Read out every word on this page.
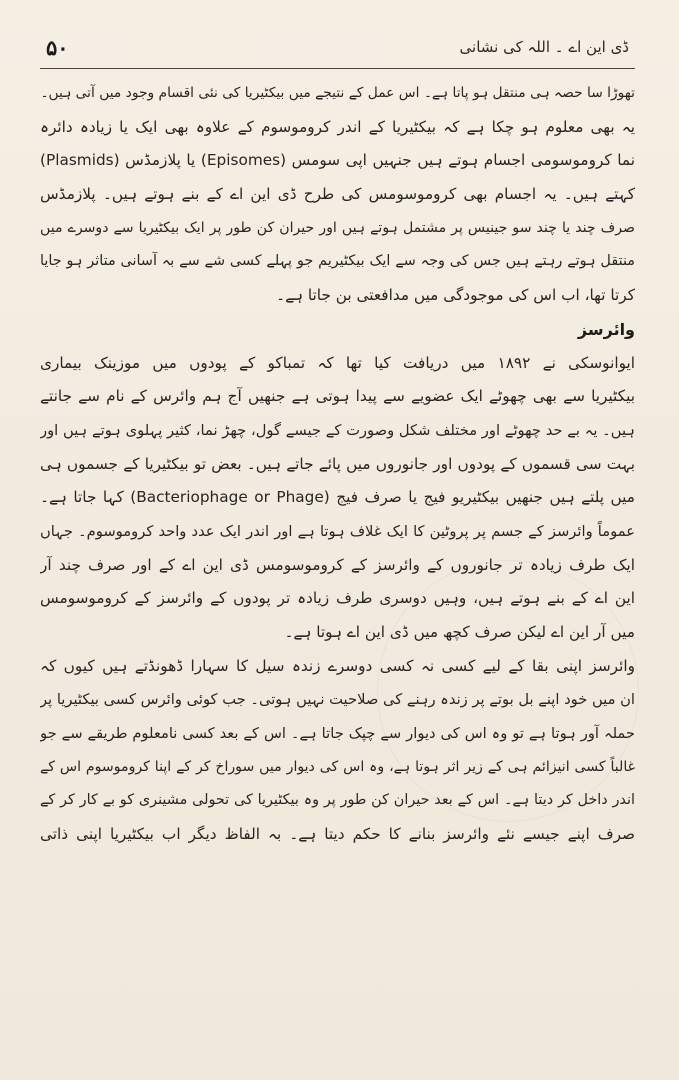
۵۰	ڈی این اے ۔ اللہ کی نشانی
تھوڑا سا حصہ ہی منتقل ہو پاتا ہے۔ اس عمل کے نتیجے میں بیکٹیریا کی نئی اقسام وجود میں آتی ہیں۔
یہ بھی معلوم ہو چکا ہے کہ بیکٹیریا کے اندر کروموسوم کے علاوہ بھی ایک یا زیادہ دائرہ
نما کروموسومی اجسام ہوتے ہیں جنہیں اپی سومس (Episomes) یا پلازمڈس (Plasmids)
کہتے ہیں۔ یہ اجسام بھی کروموسومس کی طرح ڈی این اے کے بنے ہوتے ہیں۔ پلازمڈس
صرف چند یا چند سو جینیس پر مشتمل ہوتے ہیں اور حیران کن طور پر ایک بیکٹیریا سے دوسرے میں
منتقل ہوتے رہتے ہیں جس کی وجہ سے ایک بیکٹیریم جو پہلے کسی شے سے بہ آسانی متاثر ہو جایا
کرتا تھا، اب اس کی موجودگی میں مدافعتی بن جاتا ہے۔
وائرسز
ایوانوسکی نے ۱۸۹۲ میں دریافت کیا تھا کہ تمباکو کے پودوں میں موزینک بیماری
بیکٹیریا سے بھی چھوٹے ایک عضویے سے پیدا ہوتی ہے جنھیں آج ہم وائرس کے نام سے جانتے
ہیں۔ یہ بے حد چھوٹے اور مختلف شکل وصورت کے جیسے گول، چھڑ نما، کثیر پہلوی ہوتے ہیں اور
بہت سی قسموں کے پودوں اور جانوروں میں پائے جاتے ہیں۔ بعض تو بیکٹیریا کے جسموں ہی
میں پلتے ہیں جنھیں بیکٹیریو فیج یا صرف فیج (Bacteriophage or Phage) کہا جاتا ہے۔
عموماً وائرسز کے جسم پر پروٹین کا ایک غلاف ہوتا ہے اور اندر ایک عدد واحد کروموسوم۔ جہاں
ایک طرف زیادہ تر جانوروں کے وائرسز کے کروموسومس ڈی این اے کے اور صرف چند آر
این اے کے بنے ہوتے ہیں، وہیں دوسری طرف زیادہ تر پودوں کے وائرسز کے کروموسومس
میں آر این اے لیکن صرف کچھ میں ڈی این اے ہوتا ہے۔
وائرسز اپنی بقا کے لیے کسی نہ کسی دوسرے زندہ سیل کا سہارا ڈھونڈتے ہیں کیوں کہ
ان میں خود اپنے بل بوتے پر زندہ رہنے کی صلاحیت نہیں ہوتی۔ جب کوئی وائرس کسی بیکٹیریا پر
حملہ آور ہوتا ہے تو وہ اس کی دیوار سے چپک جاتا ہے۔ اس کے بعد کسی نامعلوم طریقے سے جو
غالباً کسی انیزائم ہی کے زیر اثر ہوتا ہے، وہ اس کی دیوار میں سوراخ کر کے اپنا کروموسوم اس کے
اندر داخل کر دیتا ہے۔ اس کے بعد حیران کن طور پر وہ بیکٹیریا کی تحولی مشینری کو بے کار کر کے
صرف اپنے جیسے نئے وائرسز بنانے کا حکم دیتا ہے۔ بہ الفاظ دیگر اب بیکٹیریا اپنی ذاتی
